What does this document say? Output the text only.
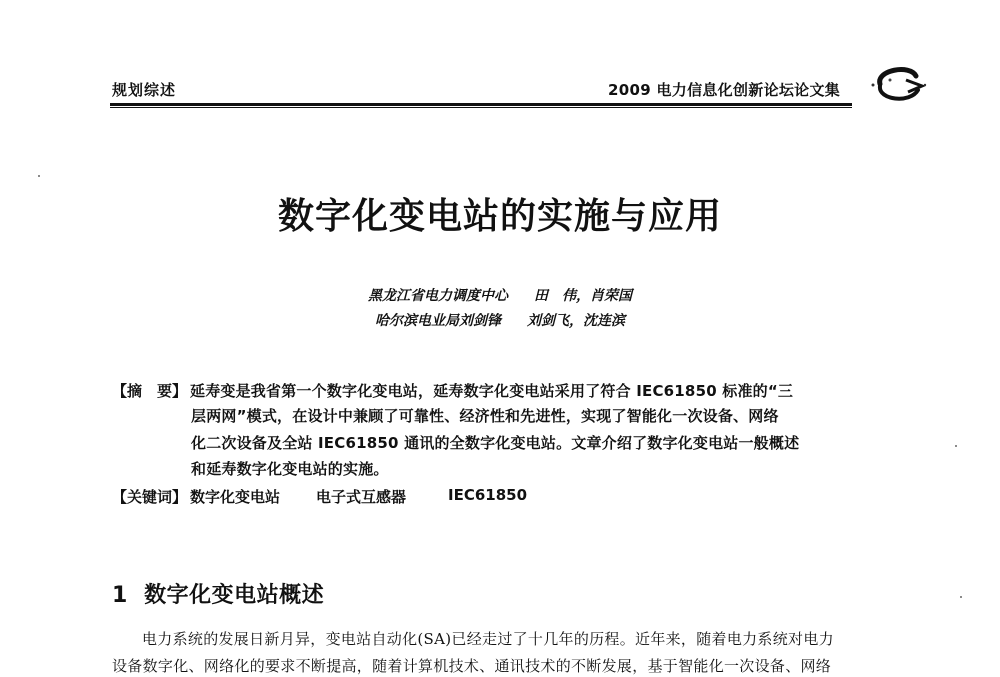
规划综述	2009 电力信息化创新论坛论文集
数字化变电站的实施与应用
黑龙江省电力调度中心 田　伟，肖荣国
哈尔滨电业局刘剑锋 刘剑飞，沈连滨
【摘　要】 延寿变是我省第一个数字化变电站，延寿数字化变电站采用了符合 IEC61850 标准的“三
层两网”模式，在设计中兼顾了可靠性、经济性和先进性，实现了智能化一次设备、网络
化二次设备及全站 IEC61850 通讯的全数字化变电站。文章介绍了数字化变电站一般概述
和延寿数字化变电站的实施。
【关键词】 数字化变电站 电子式互感器	IEC61850
1 数字化变电站概述
电力系统的发展日新月异，变电站自动化(SA)已经走过了十几年的历程。近年来，随着电力系统对电力
设备数字化、网络化的要求不断提高，随着计算机技术、通讯技术的不断发展，基于智能化一次设备、网络
